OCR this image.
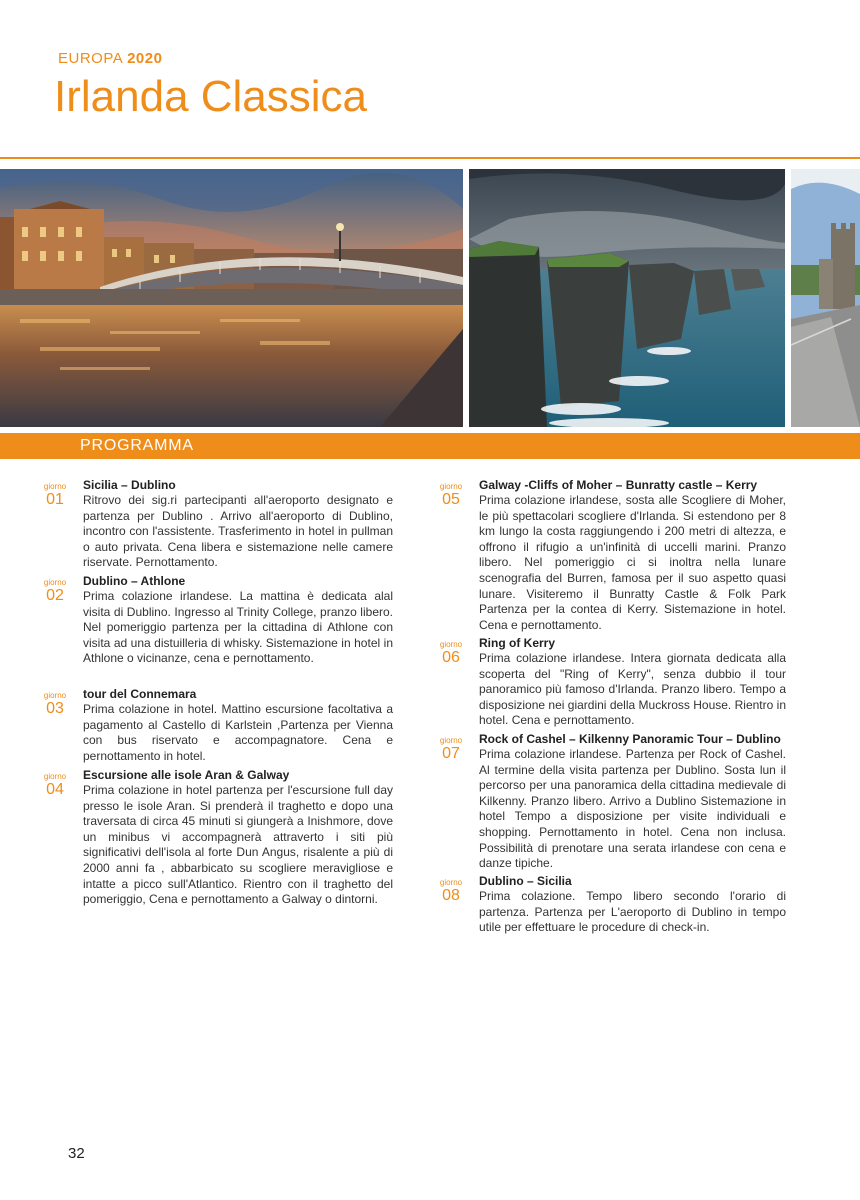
EUROPA 2020
Irlanda Classica
PROGRAMMA
giorno
01
Sicilia – Dublino
Ritrovo dei sig.ri partecipanti all'aeroporto designato e partenza per Dublino . Arrivo all'aeroporto di Dublino, incontro con l'assistente. Trasferimento in hotel in pullman o auto privata. Cena libera e sistemazione nelle camere riservate. Pernottamento.
giorno
02
Dublino – Athlone
Prima colazione irlandese. La mattina è dedicata alal visita di Dublino. Ingresso al Trinity College, pranzo libero. Nel pomeriggio partenza per la cittadina di Athlone con visita ad una distuilleria di whisky. Sistemazione in hotel in Athlone o vicinanze, cena e pernottamento.
giorno
03
tour del Connemara
Prima colazione in hotel. Mattino escursione facoltativa a pagamento al Castello di Karlstein ,Partenza per Vienna con bus riservato e accompagnatore. Cena e pernottamento in hotel.
giorno
04
Escursione alle isole Aran & Galway
Prima colazione in hotel partenza per l'escursione full day presso le isole Aran. Si prenderà il traghetto e dopo una traversata di circa 45 minuti si giungerà a Inishmore, dove un minibus vi accompagnerà attraverto i siti più significativi dell'isola al forte Dun Angus, risalente a più di 2000 anni fa , abbarbicato su scogliere meravigliose e intatte a picco sull'Atlantico. Rientro con il traghetto del pomeriggio, Cena e pernottamento a Galway o dintorni.
giorno
05
Galway -Cliffs of Moher – Bunratty castle – Kerry
Prima colazione irlandese, sosta alle Scogliere di Moher, le più spettacolari scogliere d'Irlanda. Si estendono per 8 km lungo la costa raggiungendo i 200 metri di altezza, e offrono il rifugio a un'infinità di uccelli marini. Pranzo libero. Nel pomeriggio ci si inoltra nella lunare scenografia del Burren, famosa per il suo aspetto quasi lunare. Visiteremo il Bunratty Castle & Folk Park Partenza per la contea di Kerry. Sistemazione in hotel. Cena e pernottamento.
giorno
06
Ring of Kerry
Prima colazione irlandese. Intera giornata dedicata alla scoperta del "Ring of Kerry", senza dubbio il tour panoramico più famoso d'Irlanda. Pranzo libero. Tempo a disposizione nei giardini della Muckross House. Rientro in hotel. Cena e pernottamento.
giorno
07
Rock of Cashel – Kilkenny Panoramic Tour – Dublino
Prima colazione irlandese. Partenza per Rock of Cashel. Al termine della visita partenza per Dublino. Sosta lun il percorso per una panoramica della cittadina medievale di Kilkenny. Pranzo libero. Arrivo a Dublino Sistemazione in hotel Tempo a disposizione per visite individuali e shopping. Pernottamento in hotel. Cena non inclusa. Possibilità di prenotare una serata irlandese con cena e danze tipiche.
giorno
08
Dublino – Sicilia
Prima colazione. Tempo libero secondo l'orario di partenza. Partenza per L'aeroporto di Dublino in tempo utile per effettuare le procedure di check-in.
32
